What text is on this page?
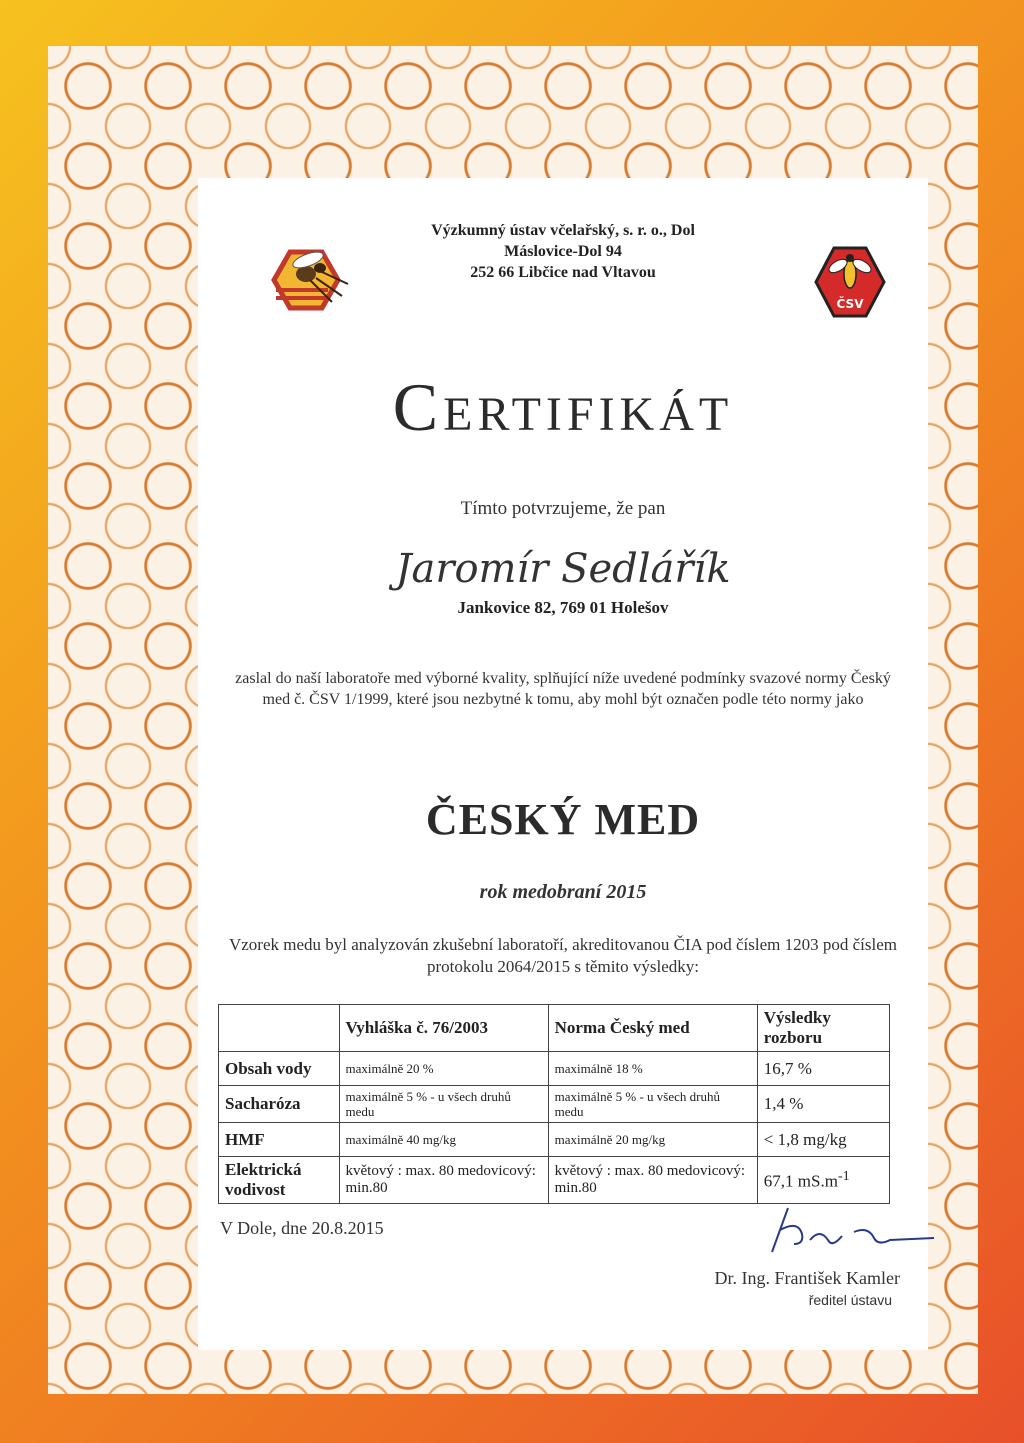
Výzkumný ústav včelařský, s. r. o., Dol
Máslovice-Dol 94
252 66 Libčice nad Vltavou
ČSV
Certifikát
Tímto potvrzujeme, že pan
Jaromír Sedlářík
Jankovice 82, 769 01 Holešov
zaslal do naší laboratoře med výborné kvality, splňující níže uvedené podmínky svazové normy Český med č. ČSV 1/1999, které jsou nezbytné k tomu, aby mohl být označen podle této normy jako
ČESKÝ MED
rok medobraní 2015
Vzorek medu byl analyzován zkušební laboratoří, akreditovanou ČIA pod číslem 1203 pod číslem protokolu 2064/2015 s těmito výsledky:
	Vyhláška č. 76/2003	Norma Český med	Výsledky rozboru
Obsah vody	maximálně 20 %	maximálně 18 %	16,7 %
Sacharóza	maximálně 5 % - u všech druhů medu	maximálně 5 % - u všech druhů medu	1,4 %
HMF	maximálně 40 mg/kg	maximálně 20 mg/kg	< 1,8 mg/kg
Elektrická vodivost	květový : max. 80 medovicový: min.80	květový : max. 80 medovicový: min.80	67,1 $mS.m^{-1}$
V Dole, dne 20.8.2015
Dr. Ing. František Kamler
ředitel ústavu
